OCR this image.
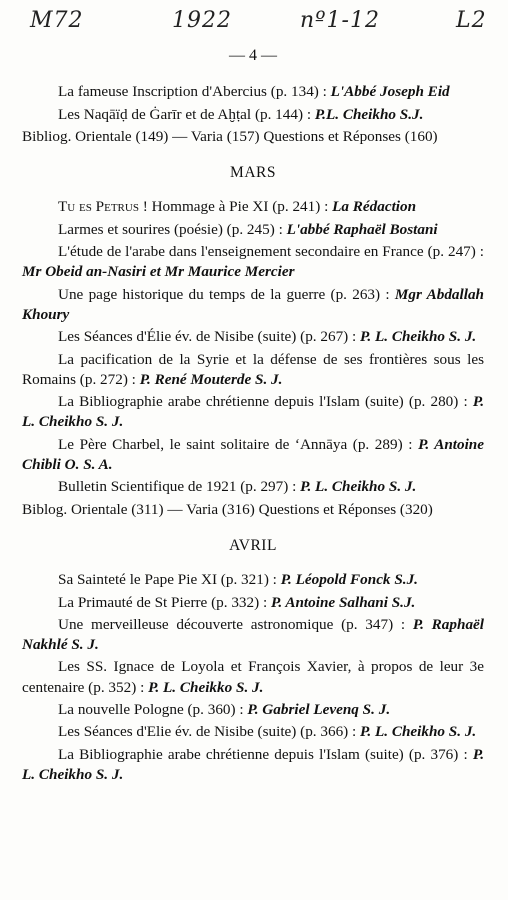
M72	1922	nº1-12	L2
— 4 —

La fameuse Inscription d'Abercius (p. 134) : L'Abbé Joseph Eid

Les Naqāïḍ de Ġarīr et de Aḫṭal (p. 144) : P.L. Cheikho S.J.

Bibliog. Orientale (149) — Varia (157) Questions et Réponses (160)

MARS

Tu es Petrus ! Hommage à Pie XI (p. 241) : La Rédaction

Larmes et sourires (poésie) (p. 245) : L'abbé Raphaël Bostani

L'étude de l'arabe dans l'enseignement secondaire en France (p. 247) : Mr Obeid an-Nasiri et Mr Maurice Mercier

Une page historique du temps de la guerre (p. 263) : Mgr Abdallah Khoury

Les Séances d'Élie év. de Nisibe (suite) (p. 267) : P. L. Cheikho S. J.

La pacification de la Syrie et la défense de ses frontières sous les Romains (p. 272) : P. René Mouterde S. J.

La Bibliographie arabe chrétienne depuis l'Islam (suite) (p. 280) : P. L. Cheikho S. J.

Le Père Charbel, le saint solitaire de ‘Annāya (p. 289) : P. Antoine Chibli O. S. A.

Bulletin Scientifique de 1921 (p. 297) : P. L. Cheikho S. J.

Biblog. Orientale (311) — Varia (316) Questions et Réponses (320)

AVRIL

Sa Sainteté le Pape Pie XI (p. 321) : P. Léopold Fonck S.J.

La Primauté de St Pierre (p. 332) : P. Antoine Salhani S.J.

Une merveilleuse découverte astronomique (p. 347) : P. Raphaël Nakhlé S. J.

Les SS. Ignace de Loyola et François Xavier, à propos de leur 3e centenaire (p. 352) : P. L. Cheikko S. J.

La nouvelle Pologne (p. 360) : P. Gabriel Levenq S. J.

Les Séances d'Elie év. de Nisibe (suite) (p. 366) : P. L. Cheikho S. J.

La Bibliographie arabe chrétienne depuis l'Islam (suite) (p. 376) : P. L. Cheikho S. J.
